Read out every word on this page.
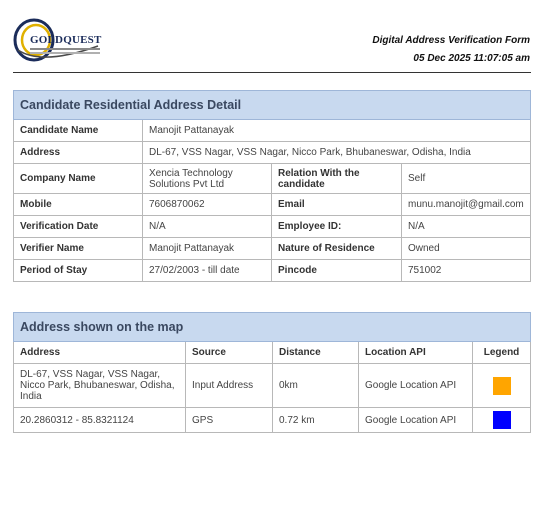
GOLDQUEST	Digital Address Verification Form
05 Dec 2025 11:07:05 am
Candidate Residential Address Detail			
Candidate Name	Manojit Pattanayak		
Address	DL-67, VSS Nagar, VSS Nagar, Nicco Park, Bhubaneswar, Odisha, India		
Company Name	Xencia Technology Solutions Pvt Ltd	Relation With the candidate	Self
Mobile	7606870062	Email	munu.manojit@gmail.com
Verification Date	N/A	Employee ID:	N/A
Verifier Name	Manojit Pattanayak	Nature of Residence	Owned
Period of Stay	27/02/2003 - till date	Pincode	751002
Address shown on the map				
Address	Source	Distance	Location API	Legend
DL-67, VSS Nagar, VSS Nagar, Nicco Park, Bhubaneswar, Odisha, India	Input Address	0km	Google Location API	
20.2860312 - 85.8321124	GPS	0.72 km	Google Location API	
